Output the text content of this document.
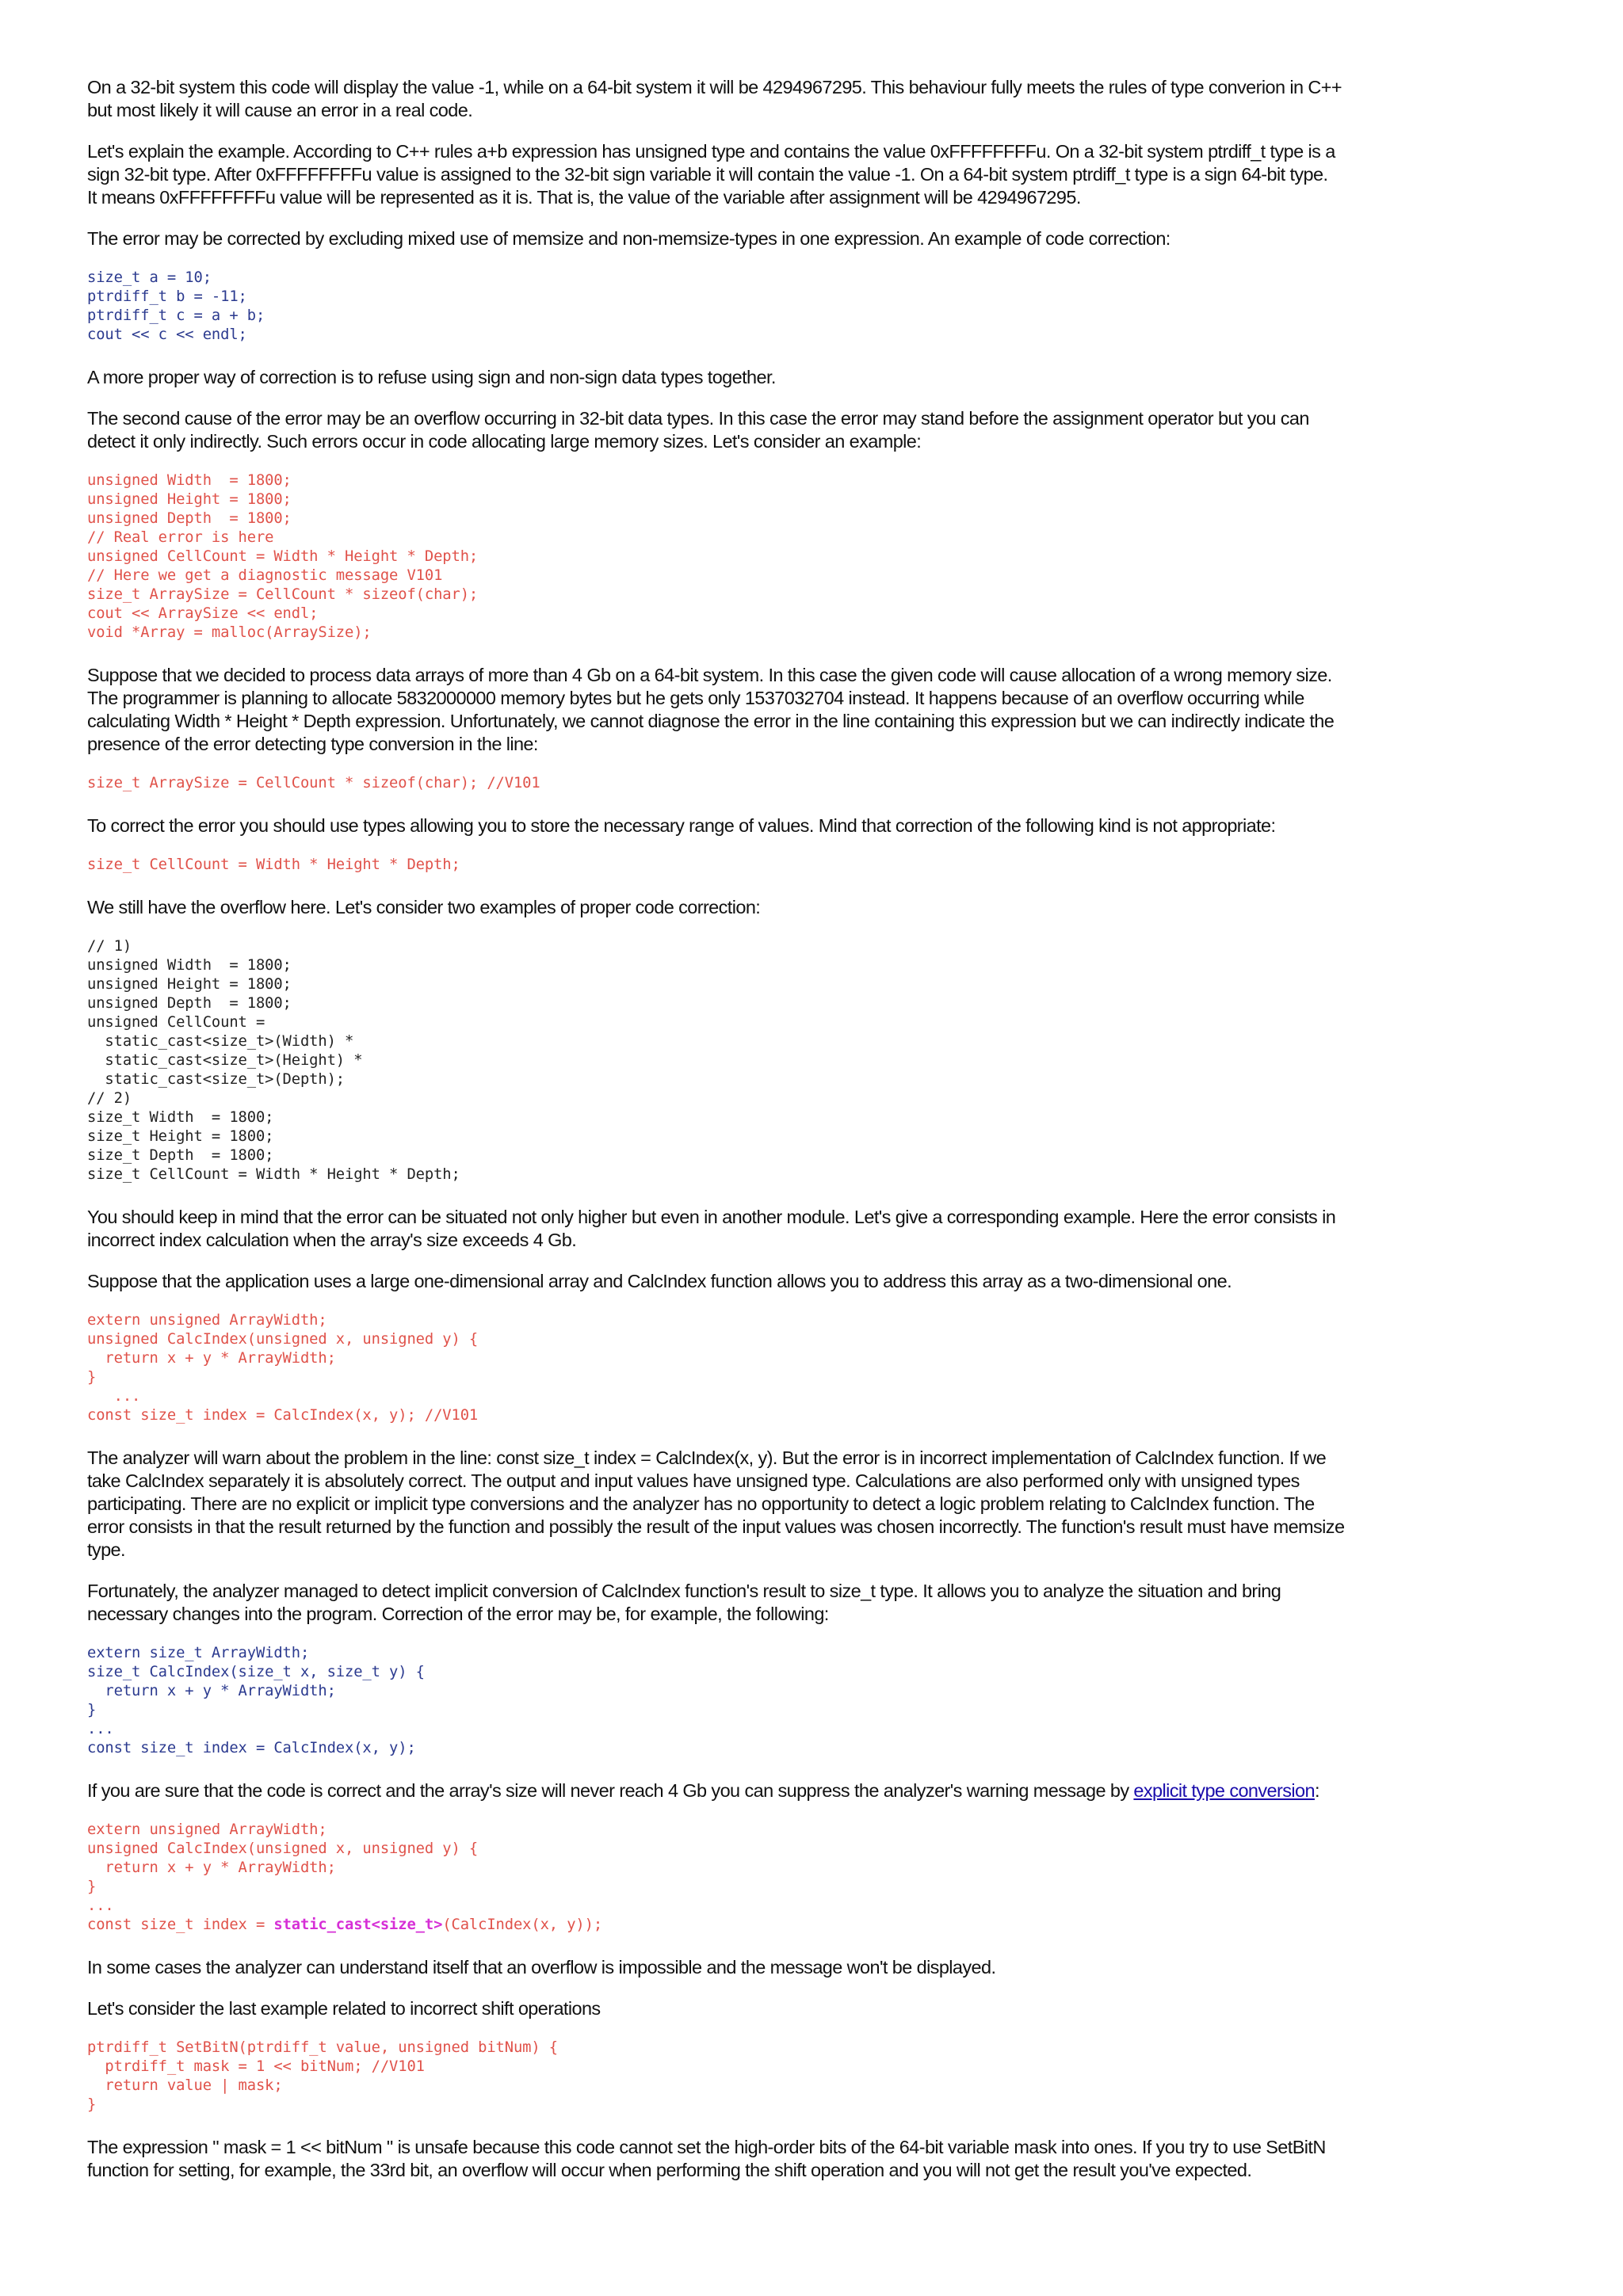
On a 32-bit system this code will display the value -1, while on a 64-bit system it will be 4294967295. This behaviour fully meets the rules of type converion in C++
but most likely it will cause an error in a real code.
Let's explain the example. According to C++ rules a+b expression has unsigned type and contains the value 0xFFFFFFFFu. On a 32-bit system ptrdiff_t type is a
sign 32-bit type. After 0xFFFFFFFFu value is assigned to the 32-bit sign variable it will contain the value -1. On a 64-bit system ptrdiff_t type is a sign 64-bit type.
It means 0xFFFFFFFFu value will be represented as it is. That is, the value of the variable after assignment will be 4294967295.
The error may be corrected by excluding mixed use of memsize and non-memsize-types in one expression. An example of code correction:
size_t a = 10;
ptrdiff_t b = -11;
ptrdiff_t c = a + b;
cout << c << endl;
A more proper way of correction is to refuse using sign and non-sign data types together.
The second cause of the error may be an overflow occurring in 32-bit data types. In this case the error may stand before the assignment operator but you can
detect it only indirectly. Such errors occur in code allocating large memory sizes. Let's consider an example:
unsigned Width  = 1800;
unsigned Height = 1800;
unsigned Depth  = 1800;
// Real error is here
unsigned CellCount = Width * Height * Depth;
// Here we get a diagnostic message V101
size_t ArraySize = CellCount * sizeof(char);
cout << ArraySize << endl;
void *Array = malloc(ArraySize);
Suppose that we decided to process data arrays of more than 4 Gb on a 64-bit system. In this case the given code will cause allocation of a wrong memory size.
The programmer is planning to allocate 5832000000 memory bytes but he gets only 1537032704 instead. It happens because of an overflow occurring while
calculating Width * Height * Depth expression. Unfortunately, we cannot diagnose the error in the line containing this expression but we can indirectly indicate the
presence of the error detecting type conversion in the line:
size_t ArraySize = CellCount * sizeof(char); //V101
To correct the error you should use types allowing you to store the necessary range of values. Mind that correction of the following kind is not appropriate:
size_t CellCount = Width * Height * Depth;
We still have the overflow here. Let's consider two examples of proper code correction:
// 1)
unsigned Width  = 1800;
unsigned Height = 1800;
unsigned Depth  = 1800;
unsigned CellCount =
static_cast<size_t>(Width) *
static_cast<size_t>(Height) *
static_cast<size_t>(Depth);
// 2)
size_t Width  = 1800;
size_t Height = 1800;
size_t Depth  = 1800;
size_t CellCount = Width * Height * Depth;
You should keep in mind that the error can be situated not only higher but even in another module. Let's give a corresponding example. Here the error consists in
incorrect index calculation when the array's size exceeds 4 Gb.
Suppose that the application uses a large one-dimensional array and CalcIndex function allows you to address this array as a two-dimensional one.
extern unsigned ArrayWidth;
unsigned CalcIndex(unsigned x, unsigned y) {
return x + y * ArrayWidth;
}
...
const size_t index = CalcIndex(x, y); //V101
The analyzer will warn about the problem in the line: const size_t index = CalcIndex(x, y). But the error is in incorrect implementation of CalcIndex function. If we
take CalcIndex separately it is absolutely correct. The output and input values have unsigned type. Calculations are also performed only with unsigned types
participating. There are no explicit or implicit type conversions and the analyzer has no opportunity to detect a logic problem relating to CalcIndex function. The
error consists in that the result returned by the function and possibly the result of the input values was chosen incorrectly. The function's result must have memsize
type.
Fortunately, the analyzer managed to detect implicit conversion of CalcIndex function's result to size_t type. It allows you to analyze the situation and bring
necessary changes into the program. Correction of the error may be, for example, the following:
extern size_t ArrayWidth;
size_t CalcIndex(size_t x, size_t y) {
return x + y * ArrayWidth;
}
...
const size_t index = CalcIndex(x, y);
If you are sure that the code is correct and the array's size will never reach 4 Gb you can suppress the analyzer's warning message by explicit type conversion:
extern unsigned ArrayWidth;
unsigned CalcIndex(unsigned x, unsigned y) {
return x + y * ArrayWidth;
}
...
const size_t index = static_cast<size_t>(CalcIndex(x, y));
In some cases the analyzer can understand itself that an overflow is impossible and the message won't be displayed.
Let's consider the last example related to incorrect shift operations
ptrdiff_t SetBitN(ptrdiff_t value, unsigned bitNum) {
ptrdiff_t mask = 1 << bitNum; //V101
return value | mask;
}
The expression " mask = 1 << bitNum " is unsafe because this code cannot set the high-order bits of the 64-bit variable mask into ones. If you try to use SetBitN
function for setting, for example, the 33rd bit, an overflow will occur when performing the shift operation and you will not get the result you've expected.
